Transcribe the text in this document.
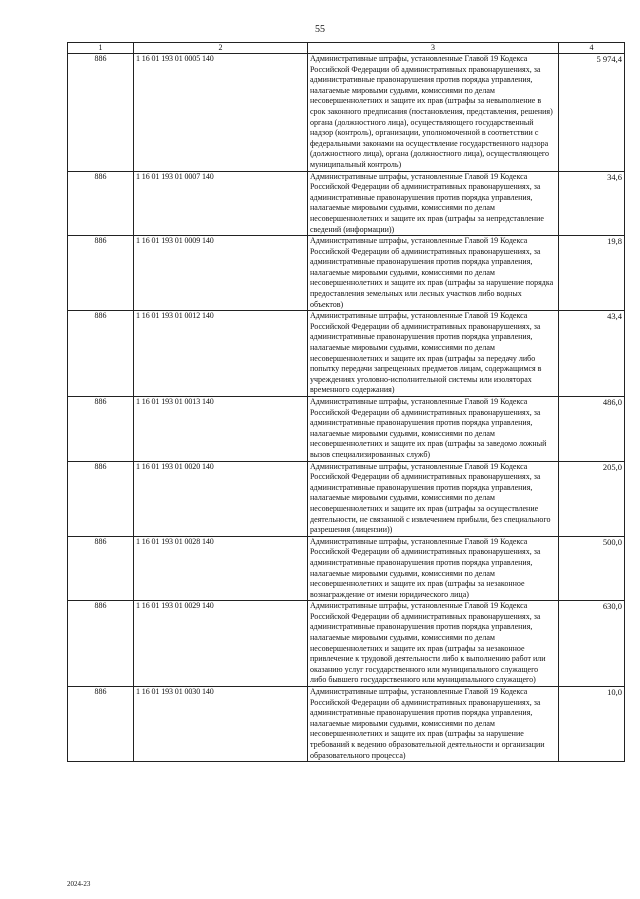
55
1	2	3	4
886	1 16 01 193 01 0005 140	Административные штрафы, установленные Главой 19 Кодекса Российской Федерации об административных правонарушениях, за административные правонарушения против порядка управления, налагаемые мировыми судьями, комиссиями по делам несовершеннолетних и защите их прав (штрафы за невыполнение в срок законного предписания (постановления, представления, решения) органа (должностного лица), осуществляющего государственный надзор (контроль), организации, уполномоченной в соответствии с федеральными законами на осуществление государственного надзора (должностного лица), органа (должностного лица), осуществляющего муниципальный контроль)	5 974,4
886	1 16 01 193 01 0007 140	Административные штрафы, установленные Главой 19 Кодекса Российской Федерации об административных правонарушениях, за административные правонарушения против порядка управления, налагаемые мировыми судьями, комиссиями по делам несовершеннолетних и защите их прав (штрафы за непредставление сведений (информации))	34,6
886	1 16 01 193 01 0009 140	Административные штрафы, установленные Главой 19 Кодекса Российской Федерации об административных правонарушениях, за административные правонарушения против порядка управления, налагаемые мировыми судьями, комиссиями по делам несовершеннолетних и защите их прав (штрафы за нарушение порядка предоставления земельных или лесных участков либо водных объектов)	19,8
886	1 16 01 193 01 0012 140	Административные штрафы, установленные Главой 19 Кодекса Российской Федерации об административных правонарушениях, за административные правонарушения против порядка управления, налагаемые мировыми судьями, комиссиями по делам несовершеннолетних и защите их прав (штрафы за передачу либо попытку передачи запрещенных предметов лицам, содержащимся в учреждениях уголовно-исполнительной системы или изоляторах временного содержания)	43,4
886	1 16 01 193 01 0013 140	Административные штрафы, установленные Главой 19 Кодекса Российской Федерации об административных правонарушениях, за административные правонарушения против порядка управления, налагаемые мировыми судьями, комиссиями по делам несовершеннолетних и защите их прав (штрафы за заведомо ложный вызов специализированных служб)	486,0
886	1 16 01 193 01 0020 140	Административные штрафы, установленные Главой 19 Кодекса Российской Федерации об административных правонарушениях, за административные правонарушения против порядка управления, налагаемые мировыми судьями, комиссиями по делам несовершеннолетних и защите их прав (штрафы за осуществление деятельности, не связанной с извлечением прибыли, без специального разрешения (лицензии))	205,0
886	1 16 01 193 01 0028 140	Административные штрафы, установленные Главой 19 Кодекса Российской Федерации об административных правонарушениях, за административные правонарушения против порядка управления, налагаемые мировыми судьями, комиссиями по делам несовершеннолетних и защите их прав (штрафы за незаконное вознаграждение от имени юридического лица)	500,0
886	1 16 01 193 01 0029 140	Административные штрафы, установленные Главой 19 Кодекса Российской Федерации об административных правонарушениях, за административные правонарушения против порядка управления, налагаемые мировыми судьями, комиссиями по делам несовершеннолетних и защите их прав (штрафы за незаконное привлечение к трудовой деятельности либо к выполнению работ или оказанию услуг государственного или муниципального служащего либо бывшего государственного или муниципального служащего)	630,0
886	1 16 01 193 01 0030 140	Административные штрафы, установленные Главой 19 Кодекса Российской Федерации об административных правонарушениях, за административные правонарушения против порядка управления, налагаемые мировыми судьями, комиссиями по делам несовершеннолетних и защите их прав (штрафы за нарушение требований к ведению образовательной деятельности и организации образовательного процесса)	10,0
2024-23
